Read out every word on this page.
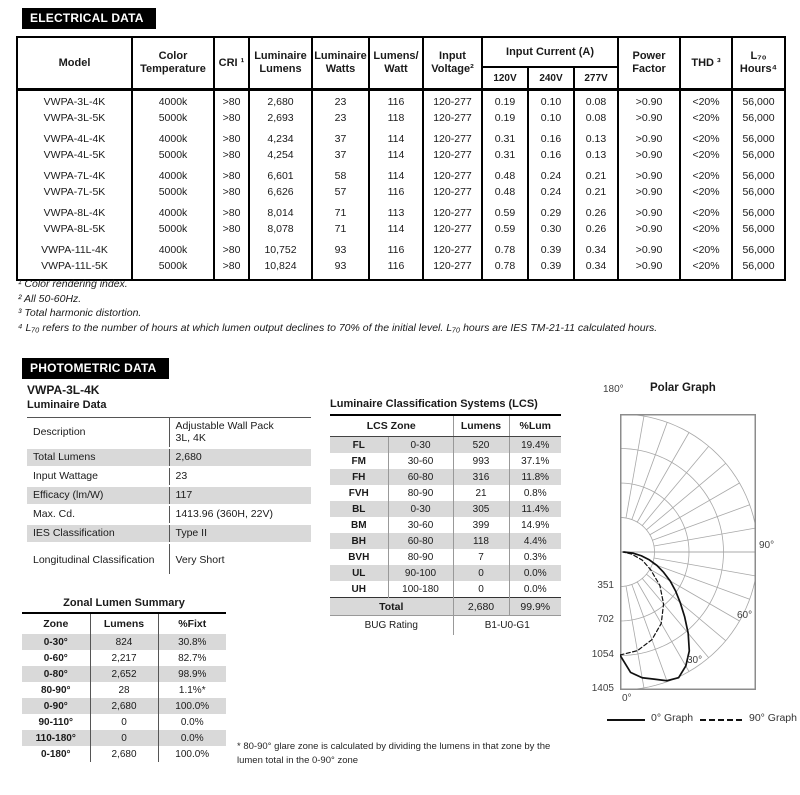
ELECTRICAL DATA
Model	Color Temperature	CRI ¹	Luminaire Lumens	Luminaire Watts	Lumens/ Watt	Input Voltage²	Input Current (A)			Power Factor	THD ³	L₇₀ Hours⁴
							120V	240V	277V			
VWPA-3L-4K	4000k	>80	2,680	23	116	120-277	0.19	0.10	0.08	>0.90	<20%	56,000
VWPA-3L-5K	5000k	>80	2,693	23	118	120-277	0.19	0.10	0.08	>0.90	<20%	56,000
VWPA-4L-4K	4000k	>80	4,234	37	114	120-277	0.31	0.16	0.13	>0.90	<20%	56,000
VWPA-4L-5K	5000k	>80	4,254	37	114	120-277	0.31	0.16	0.13	>0.90	<20%	56,000
VWPA-7L-4K	4000k	>80	6,601	58	114	120-277	0.48	0.24	0.21	>0.90	<20%	56,000
VWPA-7L-5K	5000k	>80	6,626	57	116	120-277	0.48	0.24	0.21	>0.90	<20%	56,000
VWPA-8L-4K	4000k	>80	8,014	71	113	120-277	0.59	0.29	0.26	>0.90	<20%	56,000
VWPA-8L-5K	5000k	>80	8,078	71	114	120-277	0.59	0.30	0.26	>0.90	<20%	56,000
VWPA-11L-4K	4000k	>80	10,752	93	116	120-277	0.78	0.39	0.34	>0.90	<20%	56,000
VWPA-11L-5K	5000k	>80	10,824	93	116	120-277	0.78	0.39	0.34	>0.90	<20%	56,000
¹ Color rendering index.
² All 50-60Hz.
³ Total harmonic distortion.
⁴ L₇₀ refers to the number of hours at which lumen output declines to 70% of the initial level. L₇₀ hours are IES TM-21-11 calculated hours.
PHOTOMETRIC DATA
VWPA-3L-4K
Luminaire Data
Description	Adjustable Wall Pack
3L, 4K

Total Lumens	2,680

Input Wattage	23

Efficacy (lm/W)	117

Max. Cd.	1413.96 (360H, 22V)

IES Classification	Type II

Longitudinal Classification	Very Short
Luminaire Classification Systems (LCS)
LCS Zone		Lumens	%Lum
FL	0-30	520	19.4%
FM	30-60	993	37.1%
FH	60-80	316	11.8%
FVH	80-90	21	0.8%
BL	0-30	305	11.4%
BM	30-60	399	14.9%
BH	60-80	118	4.4%
BVH	80-90	7	0.3%
UL	90-100	0	0.0%
UH	100-180	0	0.0%
Total		2,680	99.9%
BUG Rating		B1-U0-G1	
Zonal Lumen Summary
Zone	Lumens	%Fixt
0-30°	824	30.8%
0-60°	2,217	82.7%
0-80°	2,652	98.9%
80-90°	28	1.1%*
0-90°	2,680	100.0%
90-110°	0	0.0%
110-180°	0	0.0%
0-180°	2,680	100.0%
* 80-90° glare zone is calculated by dividing the lumens in that zone by the lumen total in the 0-90° zone
180° Polar Graph
351
702
1054
1405
30°
60°
90°
0°
0° Graph	90° Graph
